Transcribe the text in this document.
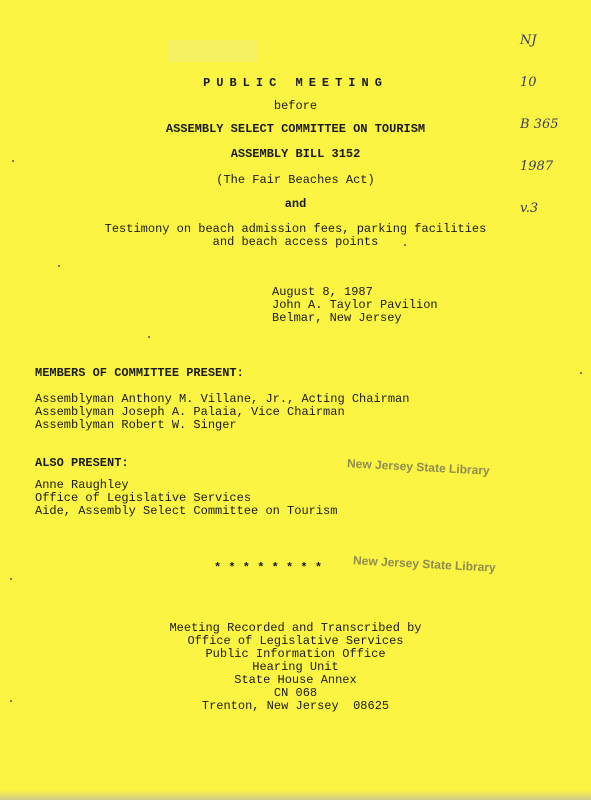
NJ

10

B 365

1987

v.3

PUBLIC MEETING
before
ASSEMBLY SELECT COMMITTEE ON TOURISM
ASSEMBLY BILL 3152
(The Fair Beaches Act)
and
Testimony on beach admission fees, parking facilities
and beach access points
August 8, 1987
John A. Taylor Pavilion
Belmar, New Jersey
MEMBERS OF COMMITTEE PRESENT:
Assemblyman Anthony M. Villane, Jr., Acting Chairman
Assemblyman Joseph A. Palaia, Vice Chairman
Assemblyman Robert W. Singer
ALSO PRESENT:
Anne Raughley
Office of Legislative Services
Aide, Assembly Select Committee on Tourism
New Jersey State Library
New Jersey State Library
* * * * * * * *
Meeting Recorded and Transcribed by
Office of Legislative Services
Public Information Office
Hearing Unit
State House Annex
CN 068
Trenton, New Jersey  08625
